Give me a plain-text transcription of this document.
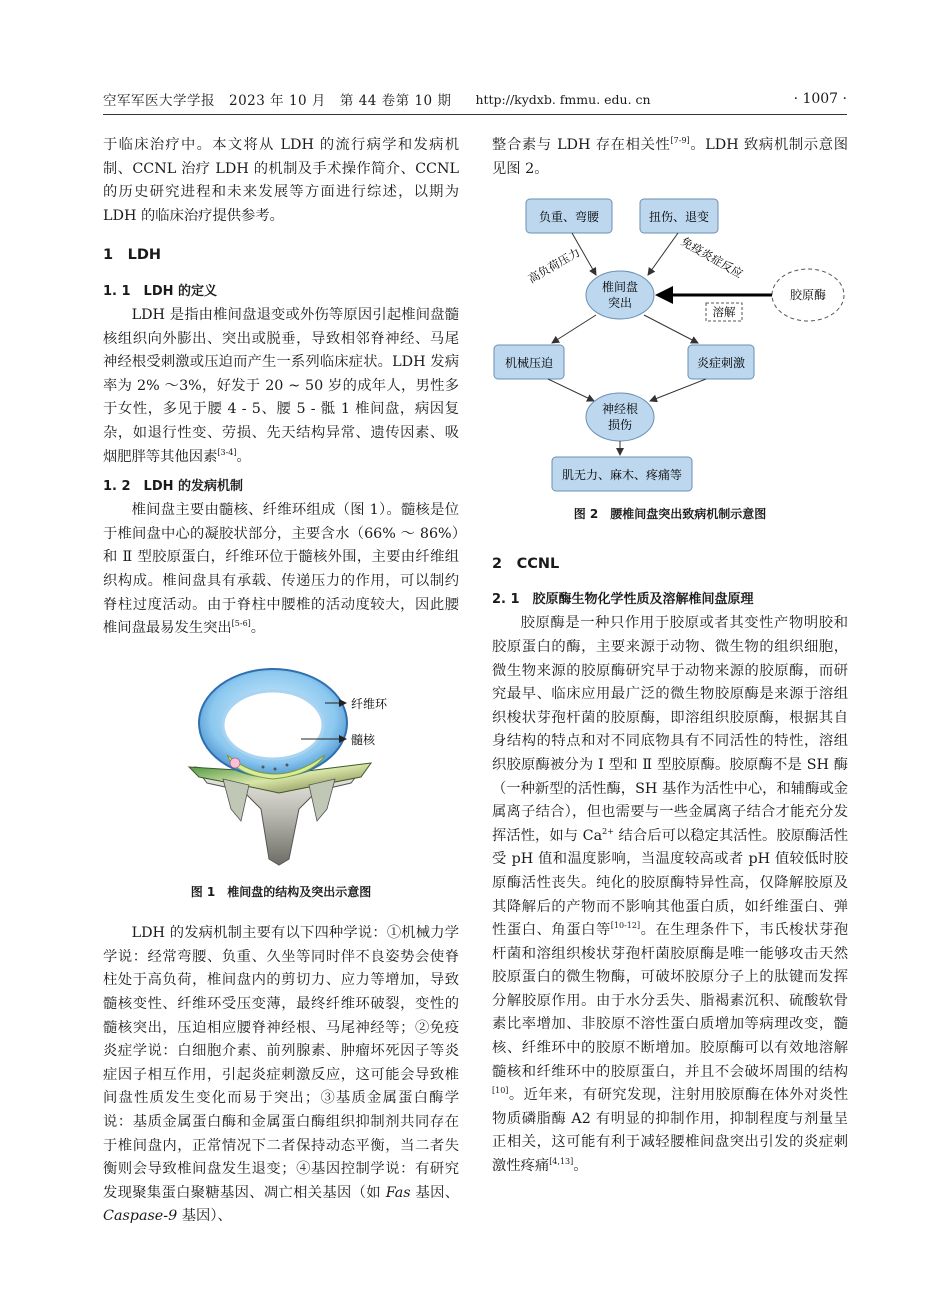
空军军医大学学报　2023 年 10 月　第 44 卷第 10 期 http://kydxb. fmmu. edu. cn	· 1007 ·

于临床治疗中。本文将从 LDH 的流行病学和发病机制、CCNL 治疗 LDH 的机制及手术操作简介、CCNL 的历史研究进程和未来发展等方面进行综述，以期为 LDH 的临床治疗提供参考。

1　LDH
1. 1　LDH 的定义

LDH 是指由椎间盘退变或外伤等原因引起椎间盘髓核组织向外膨出、突出或脱垂，导致相邻脊神经、马尾神经根受刺激或压迫而产生一系列临床症状。LDH 发病率为 2% ～3%，好发于 20 ~ 50 岁的成年人，男性多于女性，多见于腰 4 - 5、腰 5 - 骶 1 椎间盘，病因复杂，如退行性变、劳损、先天结构异常、遗传因素、吸烟肥胖等其他因素[3-4]。

1. 2　LDH 的发病机制

椎间盘主要由髓核、纤维环组成（图 1）。髓核是位于椎间盘中心的凝胶状部分，主要含水（66% ～ 86%）和 Ⅱ 型胶原蛋白，纤维环位于髓核外围，主要由纤维组织构成。椎间盘具有承载、传递压力的作用，可以制约脊柱过度活动。由于脊柱中腰椎的活动度较大，因此腰椎间盘最易发生突出[5-6]。

纤维环
髓核
图 1　椎间盘的结构及突出示意图

LDH 的发病机制主要有以下四种学说：①机械力学学说：经常弯腰、负重、久坐等同时伴不良姿势会使脊柱处于高负荷，椎间盘内的剪切力、应力等增加，导致髓核变性、纤维环受压变薄，最终纤维环破裂，变性的髓核突出，压迫相应腰脊神经根、马尾神经等；②免疫炎症学说：白细胞介素、前列腺素、肿瘤坏死因子等炎症因子相互作用，引起炎症刺激反应，这可能会导致椎间盘性质发生变化而易于突出；③基质金属蛋白酶学说：基质金属蛋白酶和金属蛋白酶组织抑制剂共同存在于椎间盘内，正常情况下二者保持动态平衡，当二者失衡则会导致椎间盘发生退变；④基因控制学说：有研究发现聚集蛋白聚糖基因、凋亡相关基因（如 Fas 基因、Caspase-9 基因）、

整合素与 LDH 存在相关性[7-9]。LDH 致病机制示意图见图 2。

负重、弯腰	扭伤、退变
高负荷压力	免疫炎症反应
椎间盘
突出
胶原酶
溶解
机械压迫	炎症刺激
神经根
损伤
肌无力、麻木、疼痛等
图 2　腰椎间盘突出致病机制示意图
2　CCNL
2. 1　胶原酶生物化学性质及溶解椎间盘原理

胶原酶是一种只作用于胶原或者其变性产物明胶和胶原蛋白的酶，主要来源于动物、微生物的组织细胞，微生物来源的胶原酶研究早于动物来源的胶原酶，而研究最早、临床应用最广泛的微生物胶原酶是来源于溶组织梭状芽孢杆菌的胶原酶，即溶组织胶原酶，根据其自身结构的特点和对不同底物具有不同活性的特性，溶组织胶原酶被分为 Ⅰ 型和 Ⅱ 型胶原酶。胶原酶不是 SH 酶（一种新型的活性酶，SH 基作为活性中心，和辅酶或金属离子结合），但也需要与一些金属离子结合才能充分发挥活性，如与 $Ca^{2+}$ 结合后可以稳定其活性。胶原酶活性受 pH 值和温度影响，当温度较高或者 pH 值较低时胶原酶活性丧失。纯化的胶原酶特异性高，仅降解胶原及其降解后的产物而不影响其他蛋白质，如纤维蛋白、弹性蛋白、角蛋白等[10-12]。在生理条件下，韦氏梭状芽孢杆菌和溶组织梭状芽孢杆菌胶原酶是唯一能够攻击天然胶原蛋白的微生物酶，可破坏胶原分子上的肽键而发挥分解胶原作用。由于水分丢失、脂褐素沉积、硫酸软骨素比率增加、非胶原不溶性蛋白质增加等病理改变，髓核、纤维环中的胶原不断增加。胶原酶可以有效地溶解髓核和纤维环中的胶原蛋白，并且不会破坏周围的结构[10]。近年来，有研究发现，注射用胶原酶在体外对炎性物质磷脂酶 A2 有明显的抑制作用，抑制程度与剂量呈正相关，这可能有利于减轻腰椎间盘突出引发的炎症刺激性疼痛[4,13]。
